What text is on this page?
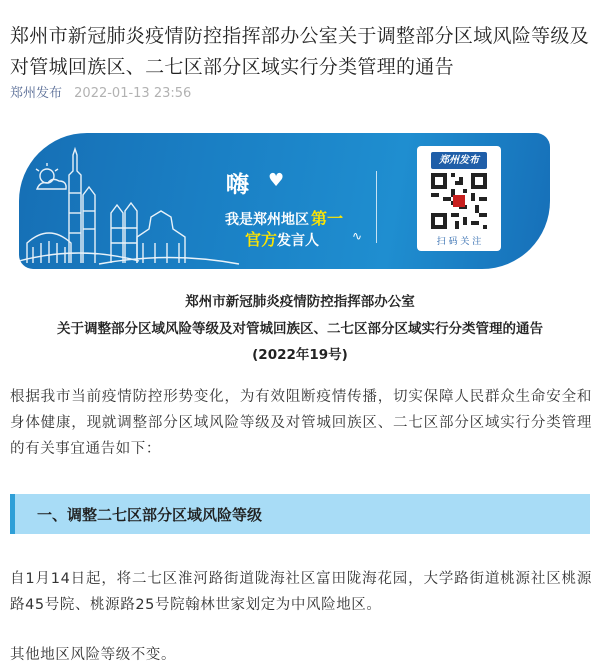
郑州市新冠肺炎疫情防控指挥部办公室关于调整部分区域风险等级及对管城回族区、二七区部分区域实行分类管理的通告
郑州发布 2022-01-13 23:56
嗨 ♥
我是郑州地区 第一
官方发言人	∿
郑州发布
扫 码 关 注
郑州市新冠肺炎疫情防控指挥部办公室
关于调整部分区域风险等级及对管城回族区、二七区部分区域实行分类管理的通告
(2022年19号)

根据我市当前疫情防控形势变化，为有效阻断疫情传播，切实保障人民群众生命安全和身体健康，现就调整部分区域风险等级及对管城回族区、二七区部分区域实行分类管理的有关事宜通告如下：

一、调整二七区部分区域风险等级

自1月14日起，将二七区淮河路街道陇海社区富田陇海花园，大学路街道桃源社区桃源路45号院、桃源路25号院翰林世家划定为中风险地区。

其他地区风险等级不变。
